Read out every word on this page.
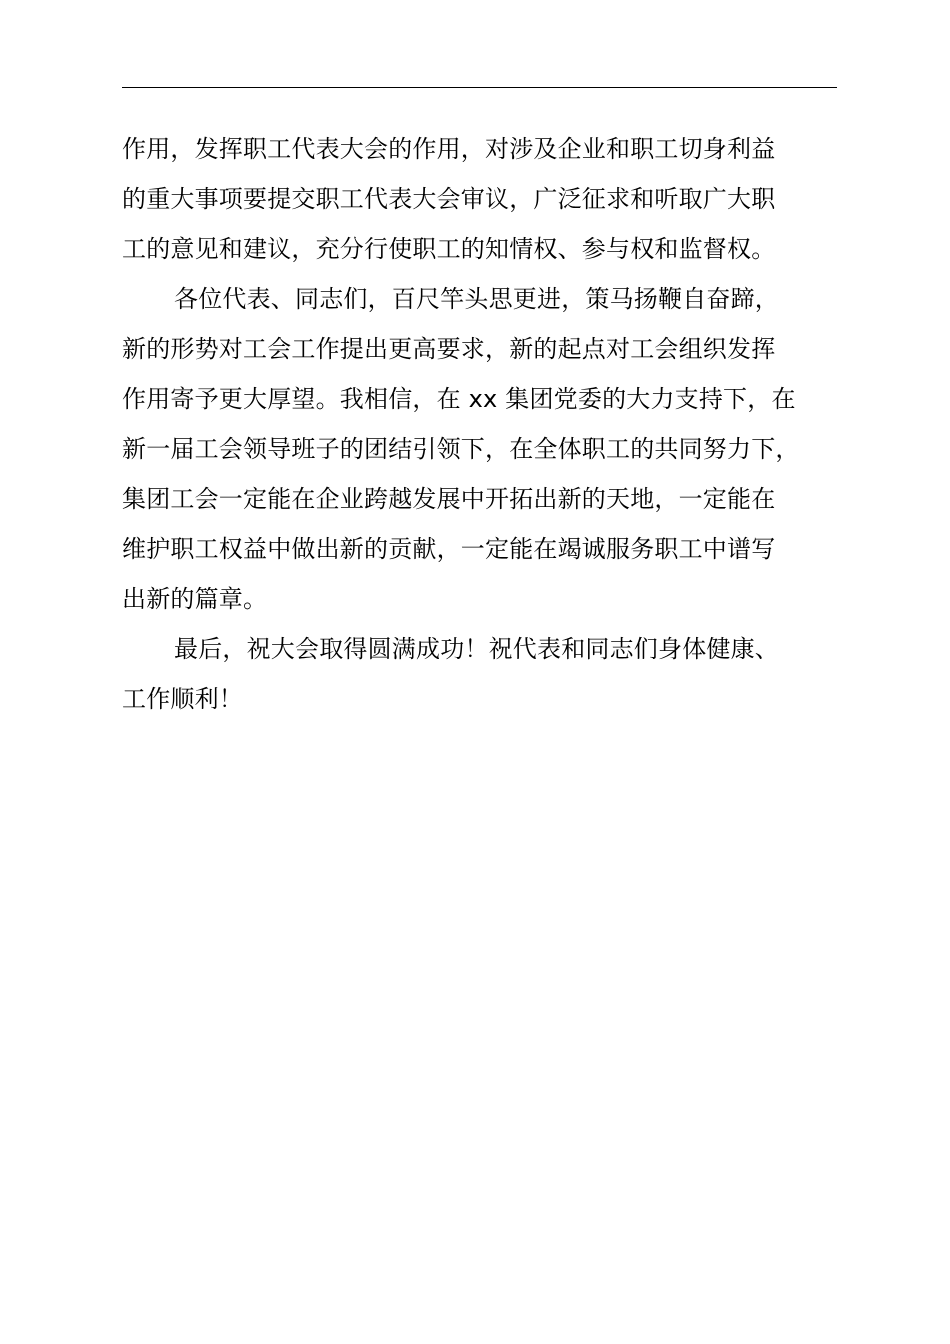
作用，发挥职工代表大会的作用，对涉及企业和职工切身利益
的重大事项要提交职工代表大会审议，广泛征求和听取广大职
工的意见和建议，充分行使职工的知情权、参与权和监督权。
各位代表、同志们，百尺竿头思更进，策马扬鞭自奋蹄，
新的形势对工会工作提出更高要求，新的起点对工会组织发挥
作用寄予更大厚望。我相信，在 xx 集团党委的大力支持下，在
新一届工会领导班子的团结引领下，在全体职工的共同努力下，
集团工会一定能在企业跨越发展中开拓出新的天地，一定能在
维护职工权益中做出新的贡献，一定能在竭诚服务职工中谱写
出新的篇章。
最后，祝大会取得圆满成功！祝代表和同志们身体健康、
工作顺利！
